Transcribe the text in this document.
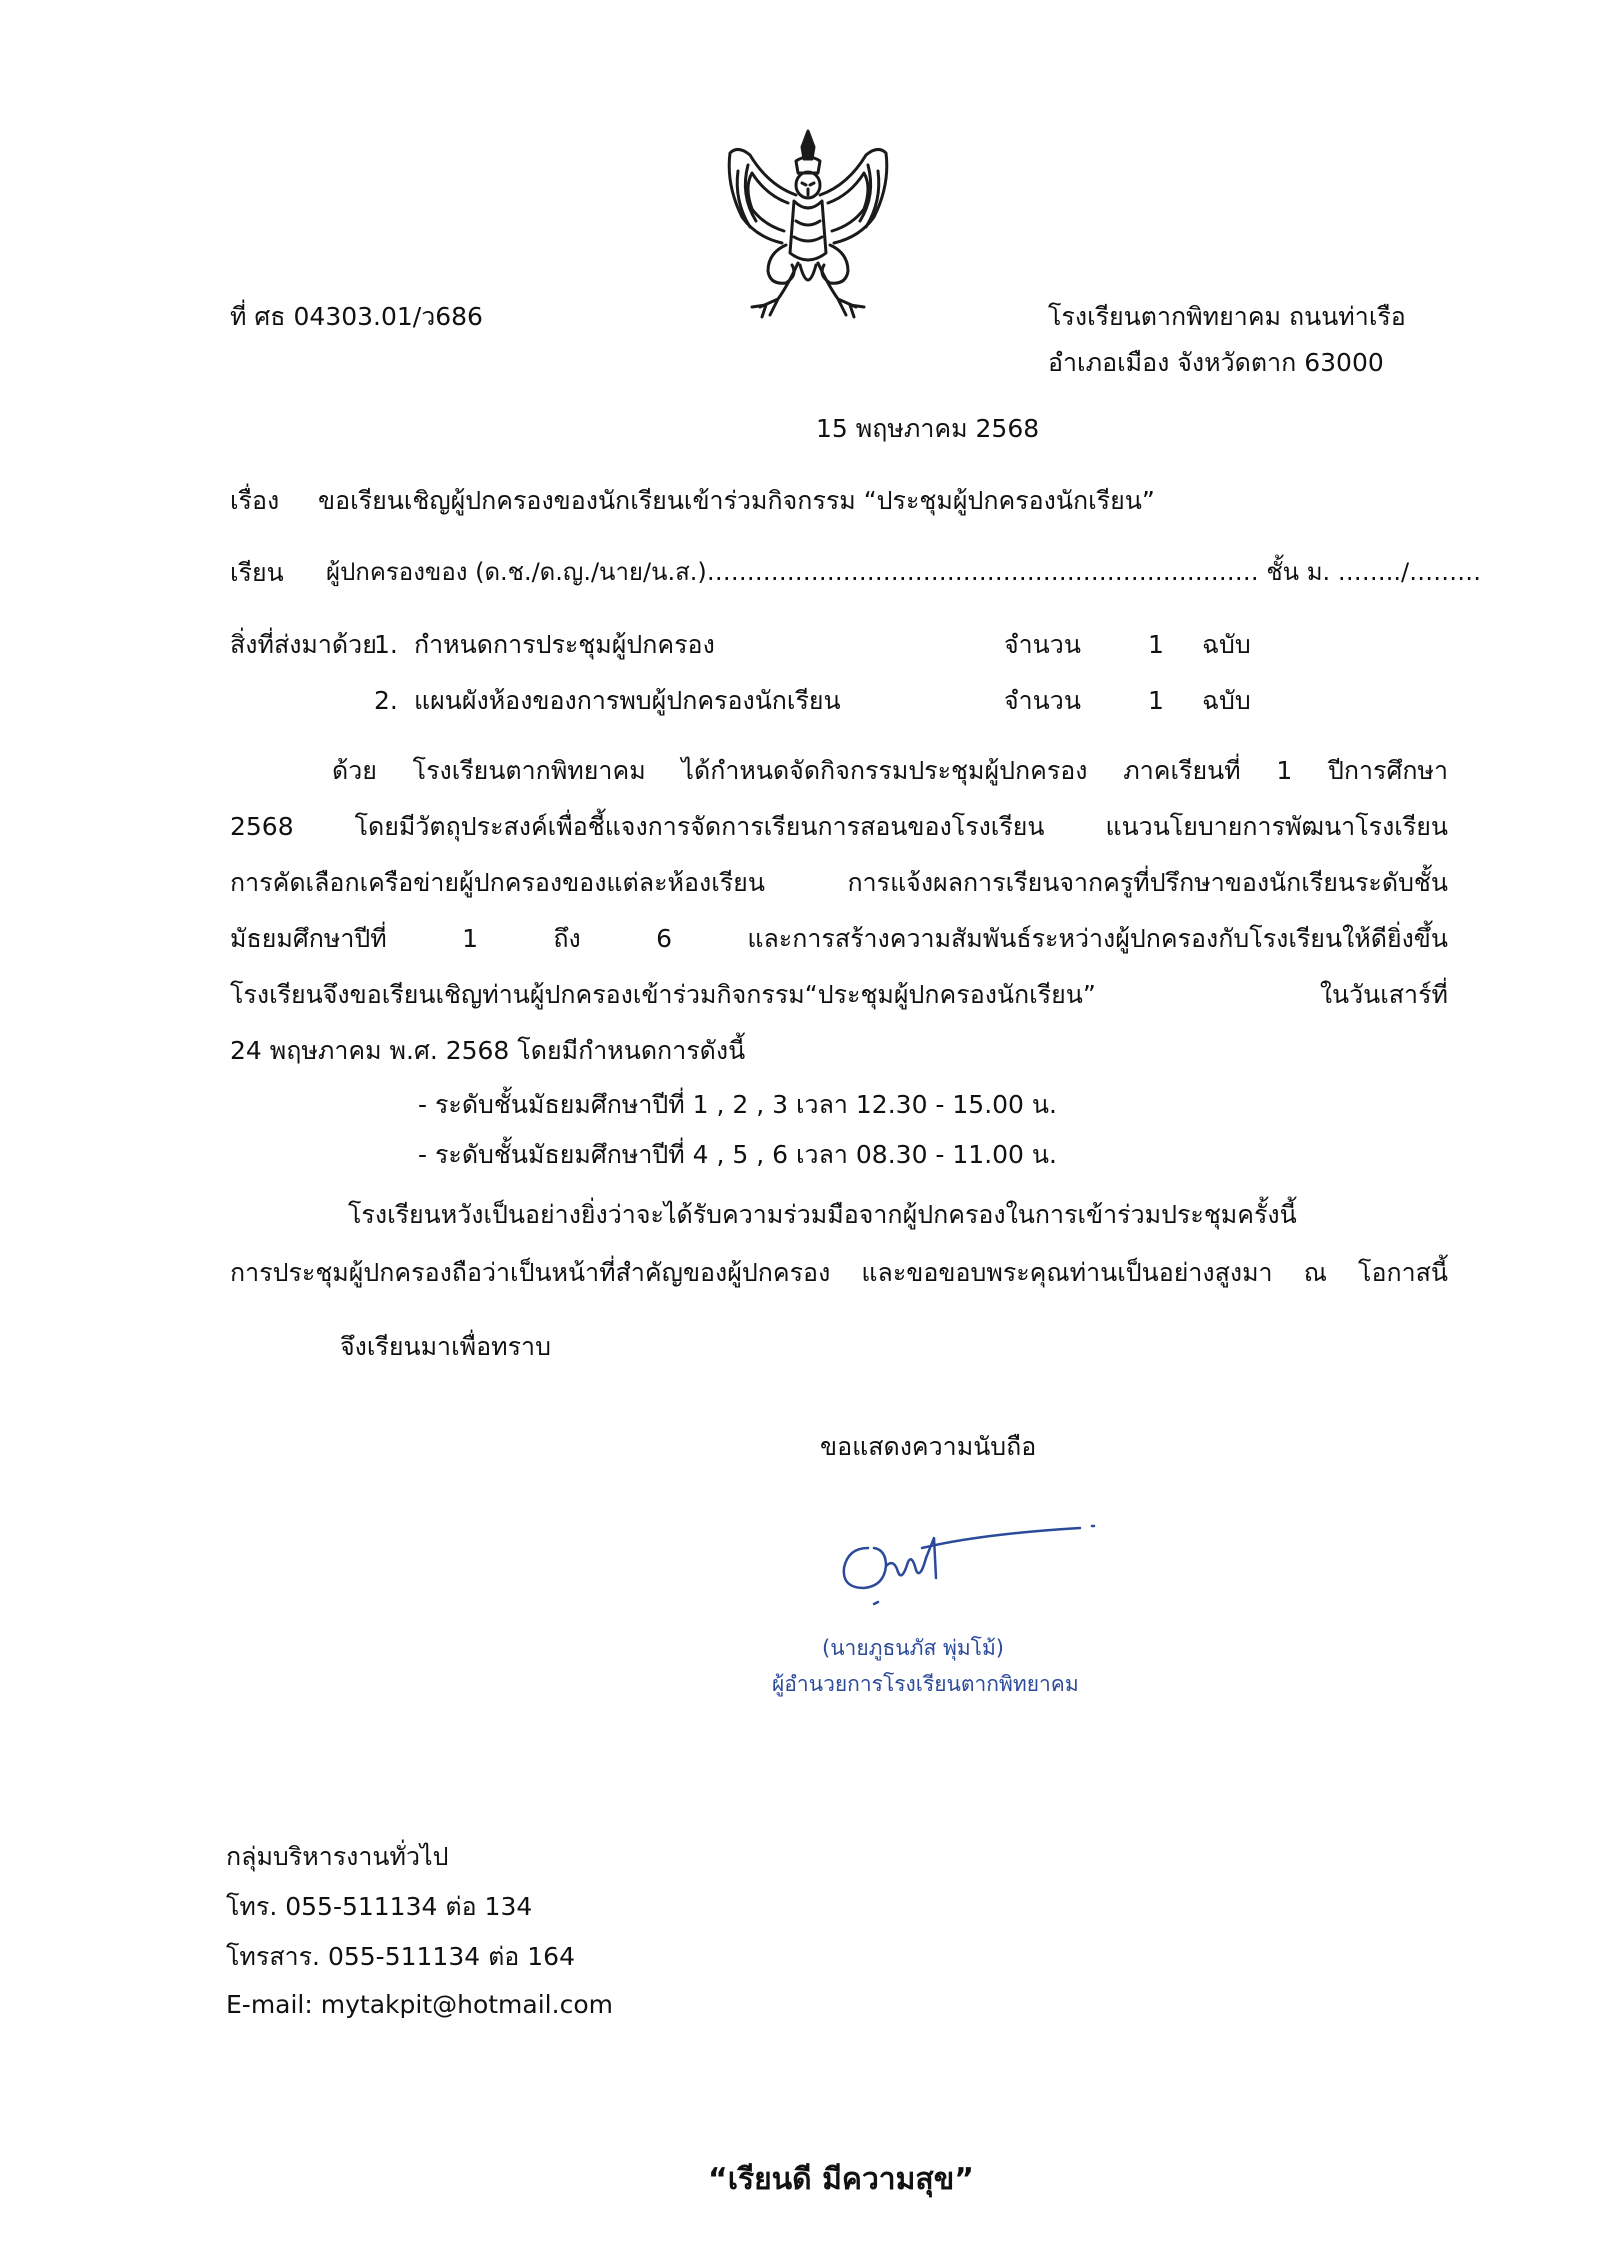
ที่ ศธ 04303.01/ว686	โรงเรียนตากพิทยาคม ถนนท่าเรือ
อำเภอเมือง จังหวัดตาก 63000
15 พฤษภาคม 2568
เรื่อง ขอเรียนเชิญผู้ปกครองของนักเรียนเข้าร่วมกิจกรรม “ประชุมผู้ปกครองนักเรียน”
เรียน ผู้ปกครองของ (ด.ช./ด.ญ./นาย/น.ส.)…………………………………………………………… ชั้น ม. ……../………
สิ่งที่ส่งมาด้วย
1. กำหนดการประชุมผู้ปกครอง	จำนวน	1 ฉบับ
2. แผนผังห้องของการพบผู้ปกครองนักเรียน	จำนวน	1 ฉบับ
ด้วย โรงเรียนตากพิทยาคม ได้กำหนดจัดกิจกรรมประชุมผู้ปกครอง ภาคเรียนที่ 1 ปีการศึกษา
2568 โดยมีวัตถุประสงค์เพื่อชี้แจงการจัดการเรียนการสอนของโรงเรียน แนวนโยบายการพัฒนาโรงเรียน
การคัดเลือกเครือข่ายผู้ปกครองของแต่ละห้องเรียน การแจ้งผลการเรียนจากครูที่ปรึกษาของนักเรียนระดับชั้น
มัธยมศึกษาปีที่ 1 ถึง 6 และการสร้างความสัมพันธ์ระหว่างผู้ปกครองกับโรงเรียนให้ดียิ่งขึ้น
โรงเรียนจึงขอเรียนเชิญท่านผู้ปกครองเข้าร่วมกิจกรรม“ประชุมผู้ปกครองนักเรียน” ในวันเสาร์ที่
24 พฤษภาคม พ.ศ. 2568 โดยมีกำหนดการดังนี้
- ระดับชั้นมัธยมศึกษาปีที่ 1 , 2 , 3 เวลา 12.30 - 15.00 น.
- ระดับชั้นมัธยมศึกษาปีที่ 4 , 5 , 6 เวลา 08.30 - 11.00 น.
โรงเรียนหวังเป็นอย่างยิ่งว่าจะได้รับความร่วมมือจากผู้ปกครองในการเข้าร่วมประชุมครั้งนี้
การประชุมผู้ปกครองถือว่าเป็นหน้าที่สำคัญของผู้ปกครอง และขอขอบพระคุณท่านเป็นอย่างสูงมา ณ โอกาสนี้
จึงเรียนมาเพื่อทราบ
ขอแสดงความนับถือ
(นายภูธนภัส พุ่มโม้)
ผู้อำนวยการโรงเรียนตากพิทยาคม
กลุ่มบริหารงานทั่วไป
โทร. 055-511134 ต่อ 134
โทรสาร. 055-511134 ต่อ 164
E-mail: mytakpit@hotmail.com
“เรียนดี มีความสุข”
